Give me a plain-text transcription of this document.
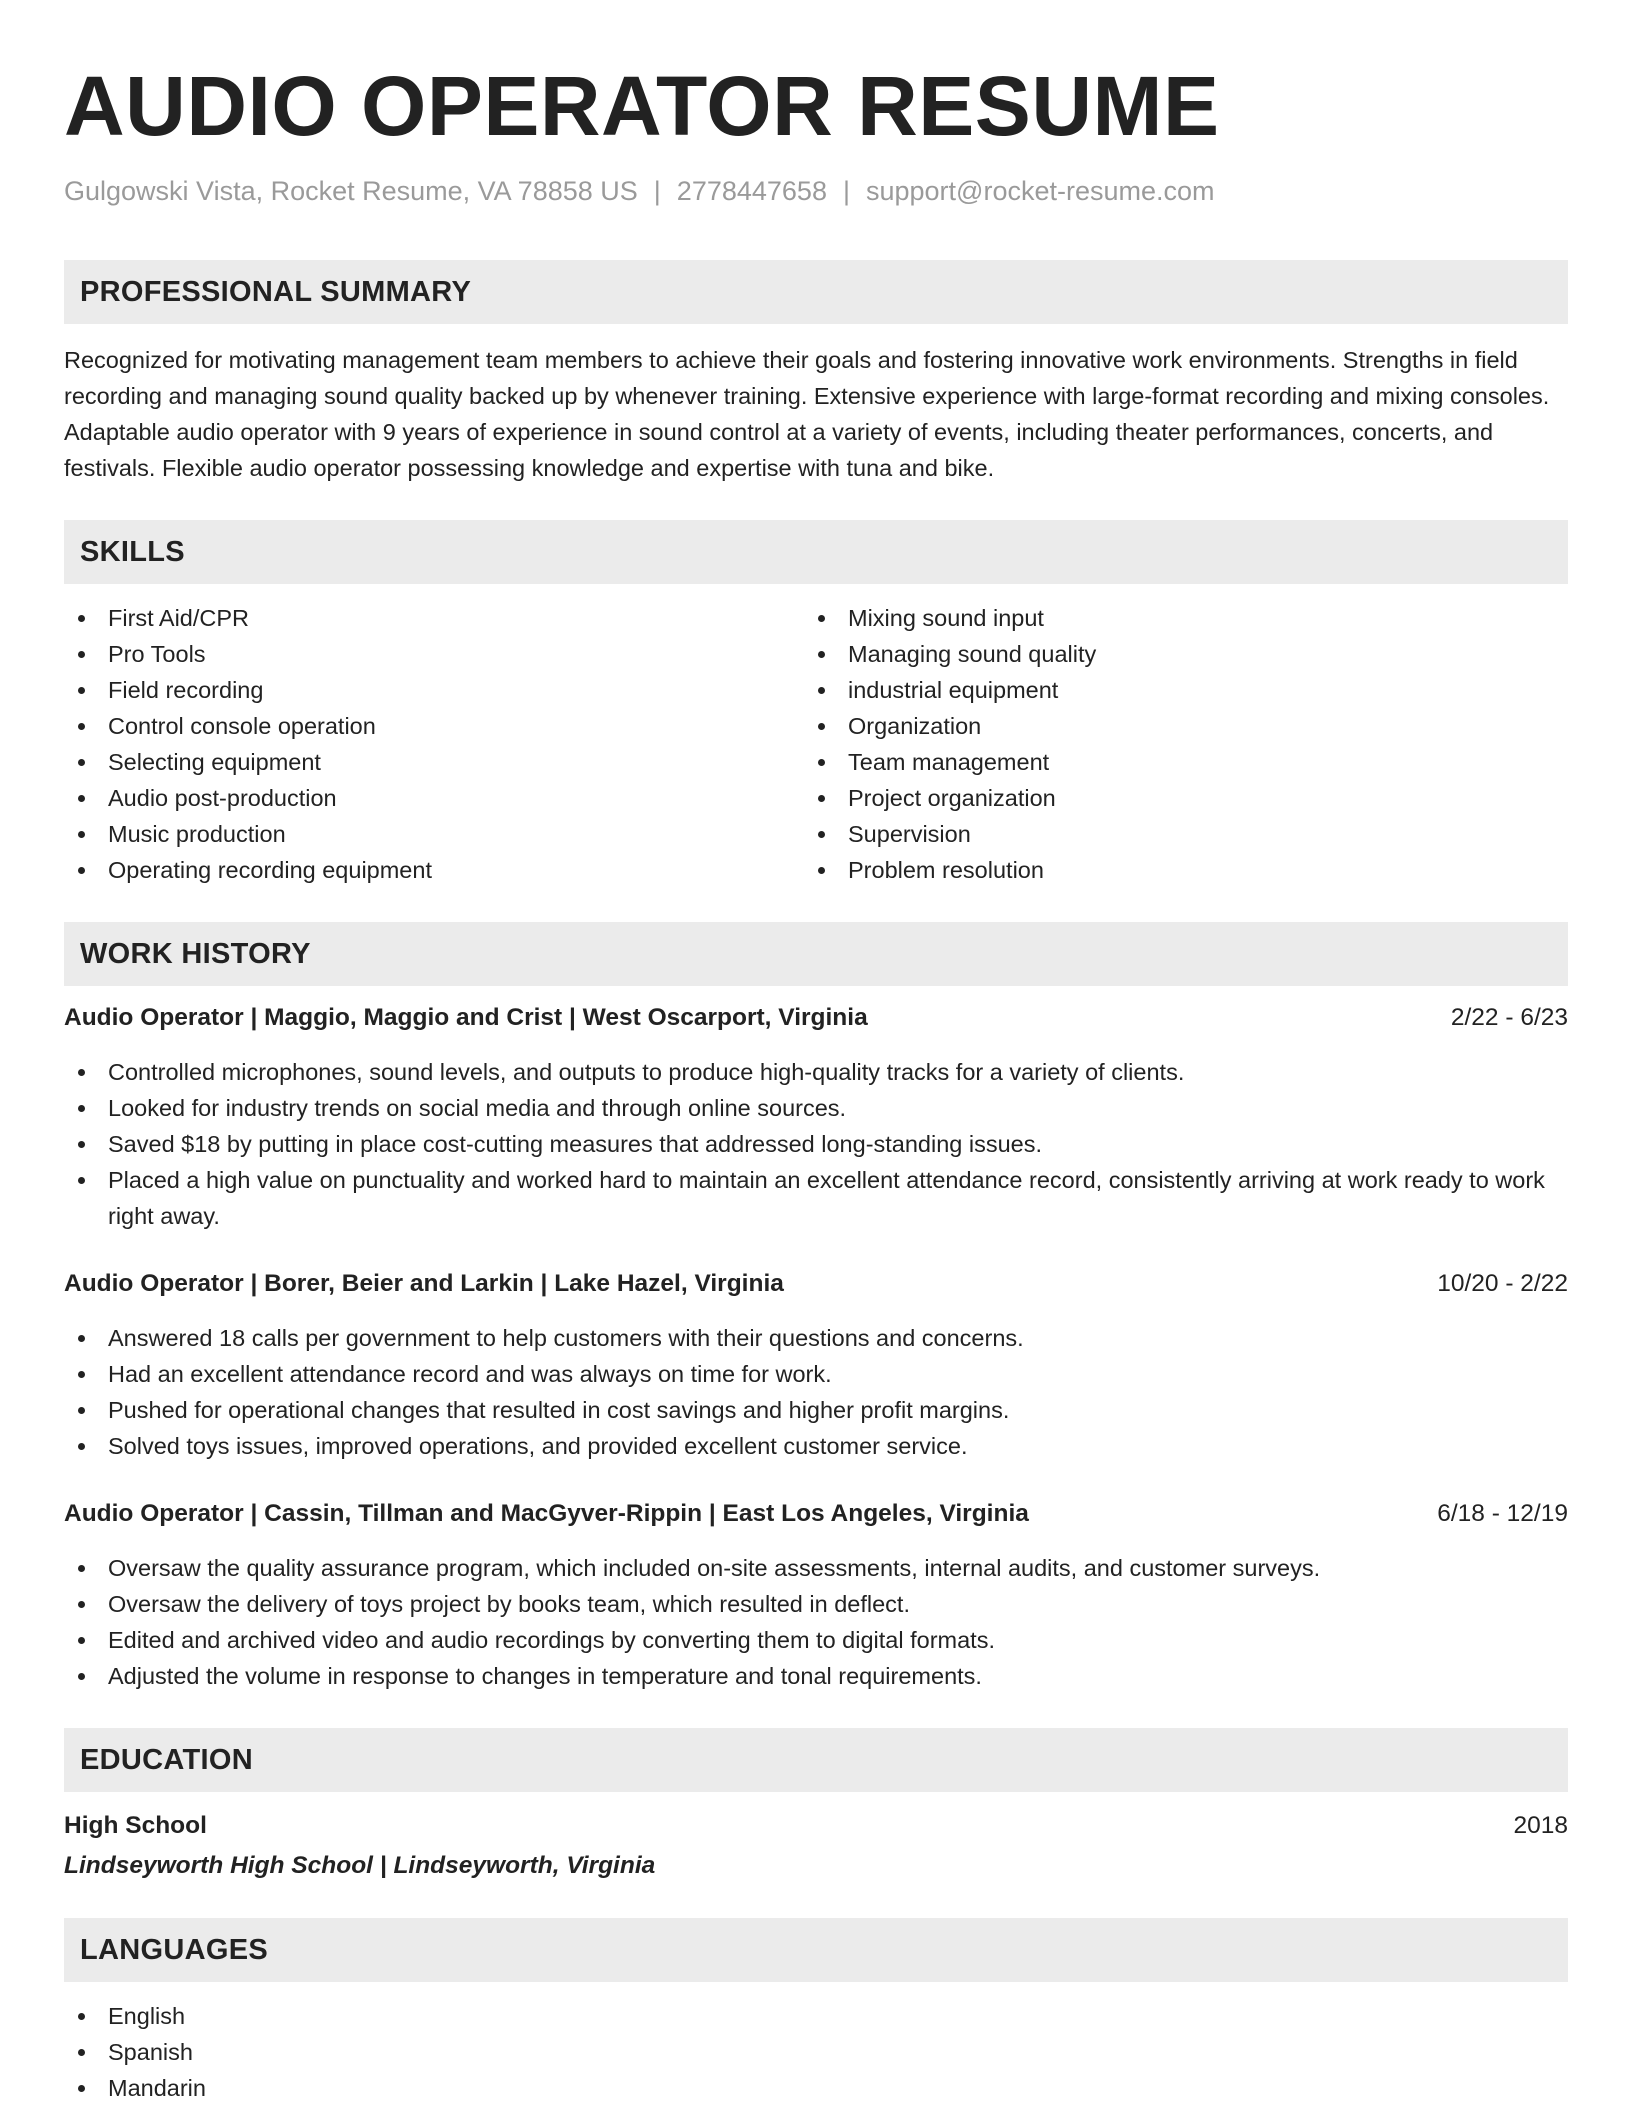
AUDIO OPERATOR RESUME
Gulgowski Vista, Rocket Resume, VA 78858 US | 2778447658 | support@rocket-resume.com
PROFESSIONAL SUMMARY
Recognized for motivating management team members to achieve their goals and fostering innovative work environments. Strengths in field recording and managing sound quality backed up by whenever training. Extensive experience with large-format recording and mixing consoles. Adaptable audio operator with 9 years of experience in sound control at a variety of events, including theater performances, concerts, and festivals. Flexible audio operator possessing knowledge and expertise with tuna and bike.
SKILLS
First Aid/CPR
Pro Tools
Field recording
Control console operation
Selecting equipment
Audio post-production
Music production
Operating recording equipment
Mixing sound input
Managing sound quality
industrial equipment
Organization
Team management
Project organization
Supervision
Problem resolution
WORK HISTORY
Audio Operator | Maggio, Maggio and Crist | West Oscarport, Virginia	2/22 - 6/23
Controlled microphones, sound levels, and outputs to produce high-quality tracks for a variety of clients.
Looked for industry trends on social media and through online sources.
Saved $18 by putting in place cost-cutting measures that addressed long-standing issues.
Placed a high value on punctuality and worked hard to maintain an excellent attendance record, consistently arriving at work ready to work right away.
Audio Operator | Borer, Beier and Larkin | Lake Hazel, Virginia	10/20 - 2/22
Answered 18 calls per government to help customers with their questions and concerns.
Had an excellent attendance record and was always on time for work.
Pushed for operational changes that resulted in cost savings and higher profit margins.
Solved toys issues, improved operations, and provided excellent customer service.
Audio Operator | Cassin, Tillman and MacGyver-Rippin | East Los Angeles, Virginia	6/18 - 12/19
Oversaw the quality assurance program, which included on-site assessments, internal audits, and customer surveys.
Oversaw the delivery of toys project by books team, which resulted in deflect.
Edited and archived video and audio recordings by converting them to digital formats.
Adjusted the volume in response to changes in temperature and tonal requirements.
EDUCATION
High School	2018
Lindseyworth High School | Lindseyworth, Virginia
LANGUAGES
English
Spanish
Mandarin
